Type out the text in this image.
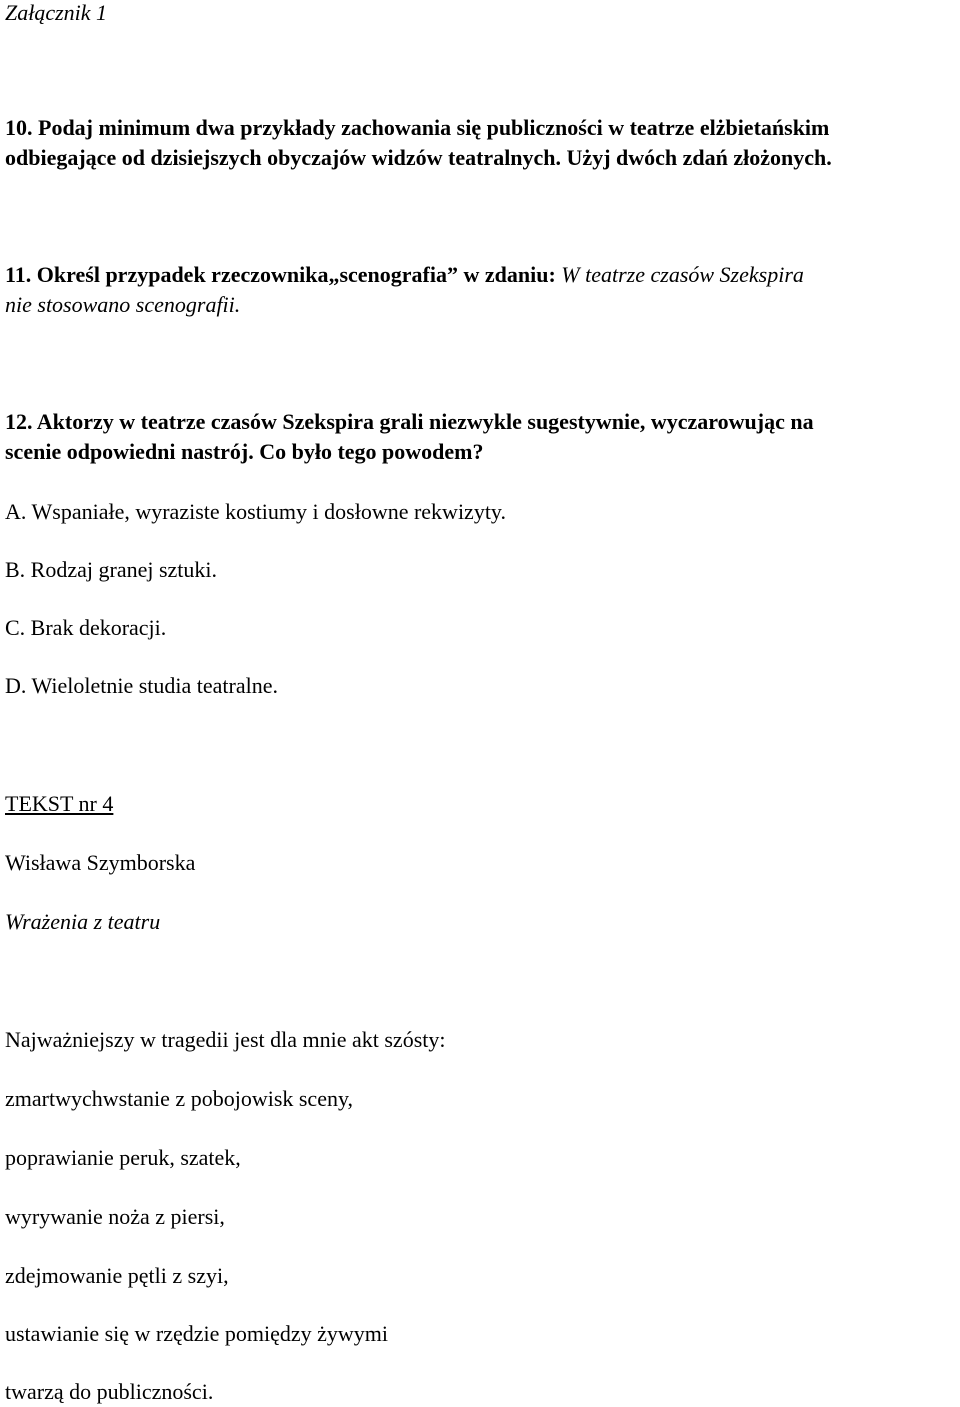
Załącznik 1
10. Podaj minimum dwa przykłady zachowania się publiczności w teatrze elżbietańskim
odbiegające od dzisiejszych obyczajów widzów teatralnych. Użyj dwóch zdań złożonych.
11. Określ przypadek rzeczownika„scenografia” w zdaniu: W teatrze czasów Szekspira
nie stosowano scenografii.
12. Aktorzy w teatrze czasów Szekspira grali niezwykle sugestywnie, wyczarowując na
scenie odpowiedni nastrój. Co było tego powodem?
A. Wspaniałe, wyraziste kostiumy i dosłowne rekwizyty.
B. Rodzaj granej sztuki.
C. Brak dekoracji.
D. Wieloletnie studia teatralne.
TEKST nr 4
Wisława Szymborska
Wrażenia z teatru
Najważniejszy w tragedii jest dla mnie akt szósty:
zmartwychwstanie z pobojowisk sceny,
poprawianie peruk, szatek,
wyrywanie noża z piersi,
zdejmowanie pętli z szyi,
ustawianie się w rzędzie pomiędzy żywymi
twarzą do publiczności.
